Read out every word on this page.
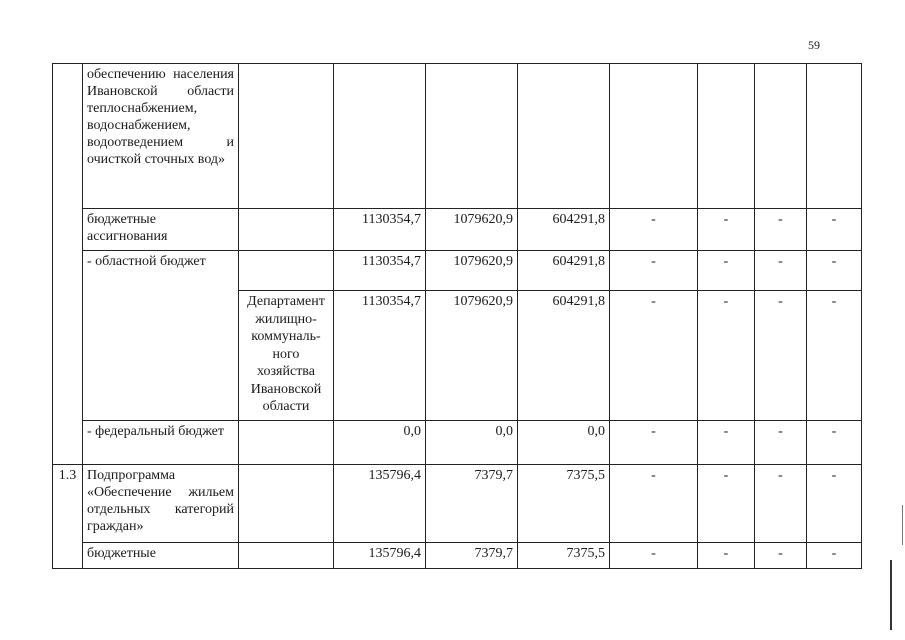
59
	обеспечению населения Ивановской области теплоснабжением, водоснабжением, водоотведением и очисткой сточных вод»								
	бюджетные ассигнования		1130354,7	1079620,9	604291,8	-	-	-	-
	- областной бюджет		1130354,7	1079620,9	604291,8	-	-	-	-
		Департамент жилищно-коммуналь-ного хозяйства Ивановской области	1130354,7	1079620,9	604291,8	-	-	-	-
	- федеральный бюджет		0,0	0,0	0,0	-	-	-	-
1.3	Подпрограмма «Обеспечение жильем отдельных категорий граждан»		135796,4	7379,7	7375,5	-	-	-	-
	бюджетные		135796,4	7379,7	7375,5	-	-	-	-
